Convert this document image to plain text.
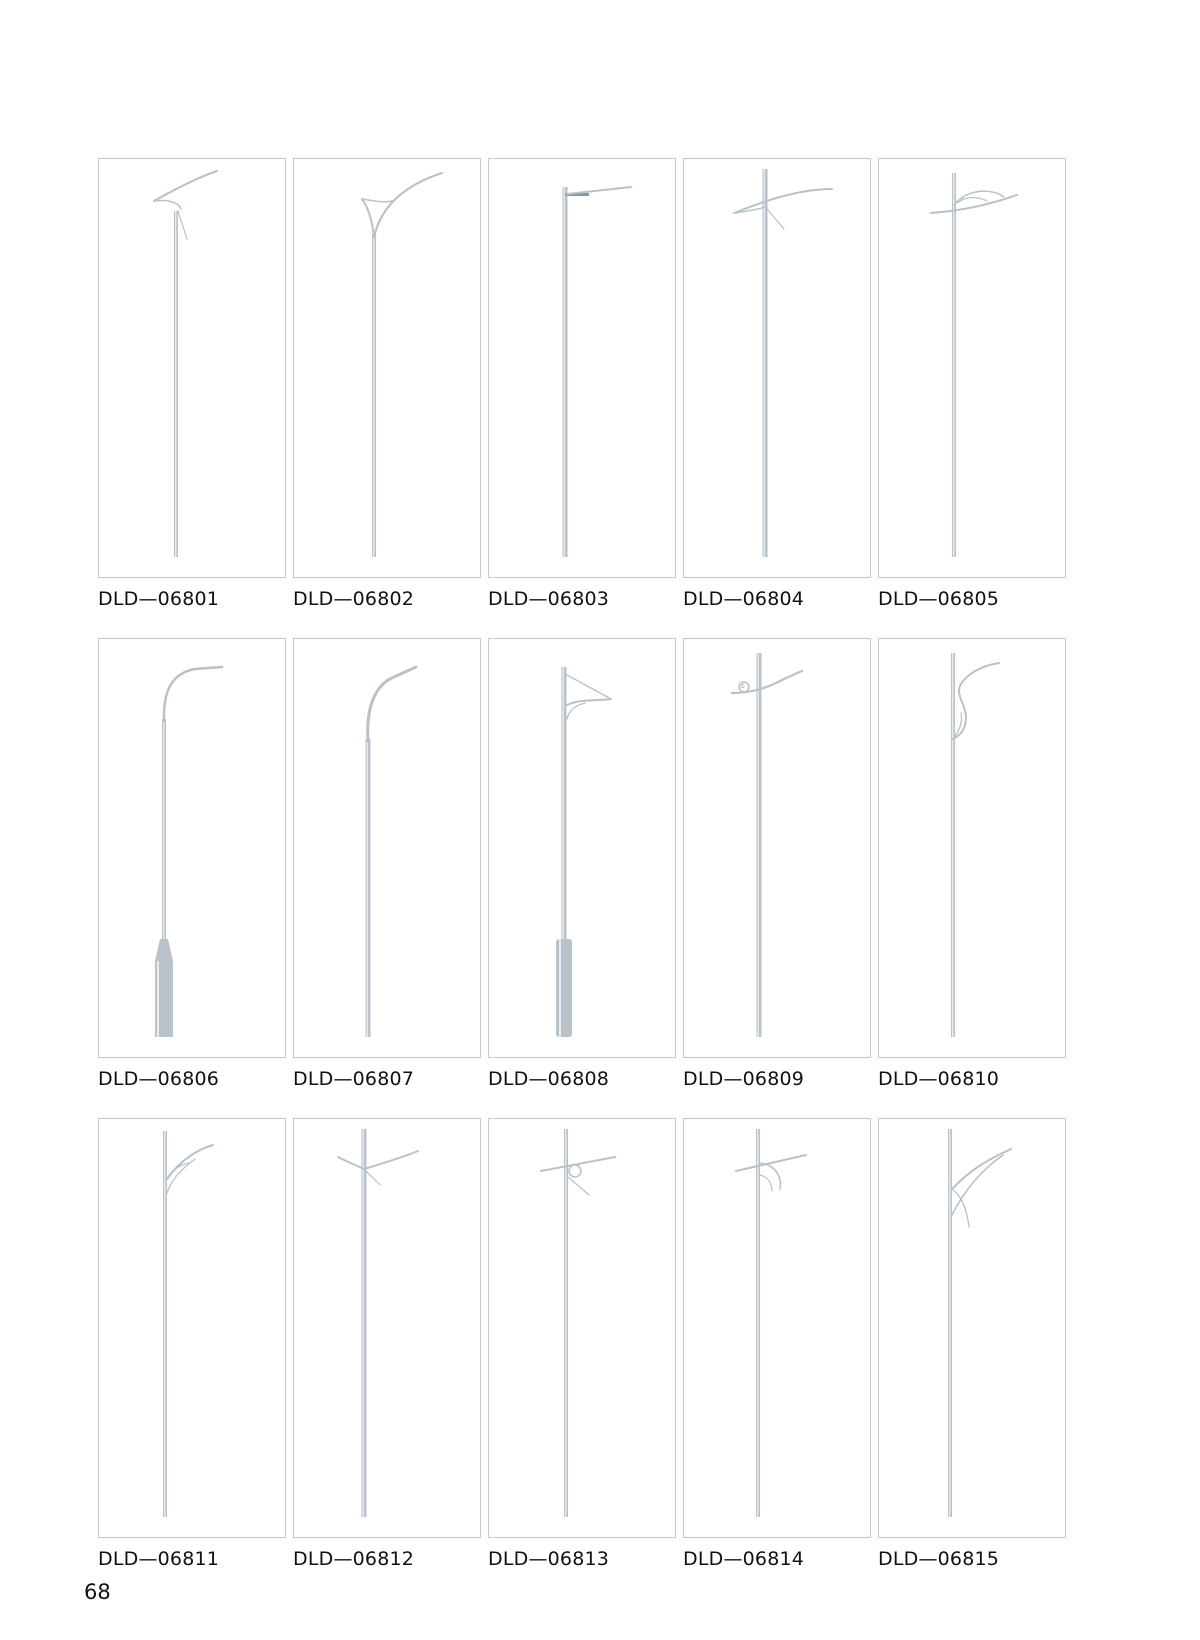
DLD—06801	DLD—06802	DLD—06803	DLD—06804	DLD—06805
DLD—06806	DLD—06807	DLD—06808	DLD—06809	DLD—06810
DLD—06811	DLD—06812	DLD—06813	DLD—06814	DLD—06815
68
